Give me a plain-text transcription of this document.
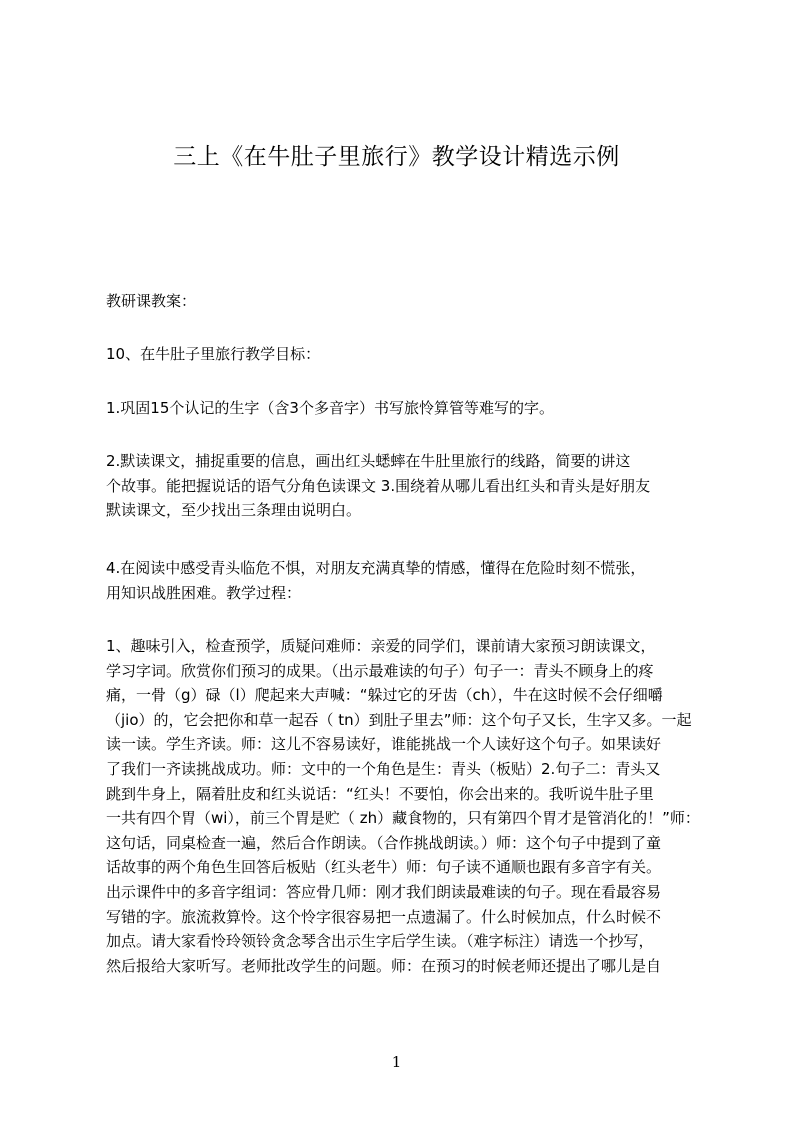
三上《在牛肚子里旅行》教学设计精选示例
教研课教案：
10、在牛肚子里旅行教学目标：
1.巩固15个认记的生字（含3个多音字）书写旅怜算管等难写的字。
2.默读课文，捕捉重要的信息，画出红头蟋蟀在牛肚里旅行的线路，简要的讲这
个故事。能把握说话的语气分角色读课文 3.围绕着从哪儿看出红头和青头是好朋友
默读课文，至少找出三条理由说明白。
4.在阅读中感受青头临危不惧，对朋友充满真挚的情感，懂得在危险时刻不慌张，
用知识战胜困难。教学过程：
1、趣味引入，检查预学，质疑问难师：亲爱的同学们，课前请大家预习朗读课文，
学习字词。欣赏你们预习的成果。（出示最难读的句子）句子一：青头不顾身上的疼
痛，一骨（g）碌（l）爬起来大声喊：“躲过它的牙齿（ch），牛在这时候不会仔细嚼
（jio）的，它会把你和草一起吞（ tn）到肚子里去”师：这个句子又长，生字又多。一起
读一读。学生齐读。师：这儿不容易读好，谁能挑战一个人读好这个句子。如果读好
了我们一齐读挑战成功。师：文中的一个角色是生：青头（板贴）2.句子二：青头又
跳到牛身上，隔着肚皮和红头说话：“红头！不要怕，你会出来的。我听说牛肚子里
一共有四个胃（wi），前三个胃是贮（ zh）藏食物的，只有第四个胃才是管消化的！”师：
这句话，同桌检查一遍，然后合作朗读。（合作挑战朗读。）师：这个句子中提到了童
话故事的两个角色生回答后板贴（红头老牛）师：句子读不通顺也跟有多音字有关。
出示课件中的多音字组词：答应骨几师：刚才我们朗读最难读的句子。现在看最容易
写错的字。旅流救算怜。这个怜字很容易把一点遗漏了。什么时候加点，什么时候不
加点。请大家看怜玲领铃贪念琴含出示生字后学生读。（难字标注）请选一个抄写，
然后报给大家听写。老师批改学生的问题。师：在预习的时候老师还提出了哪儿是自

1
